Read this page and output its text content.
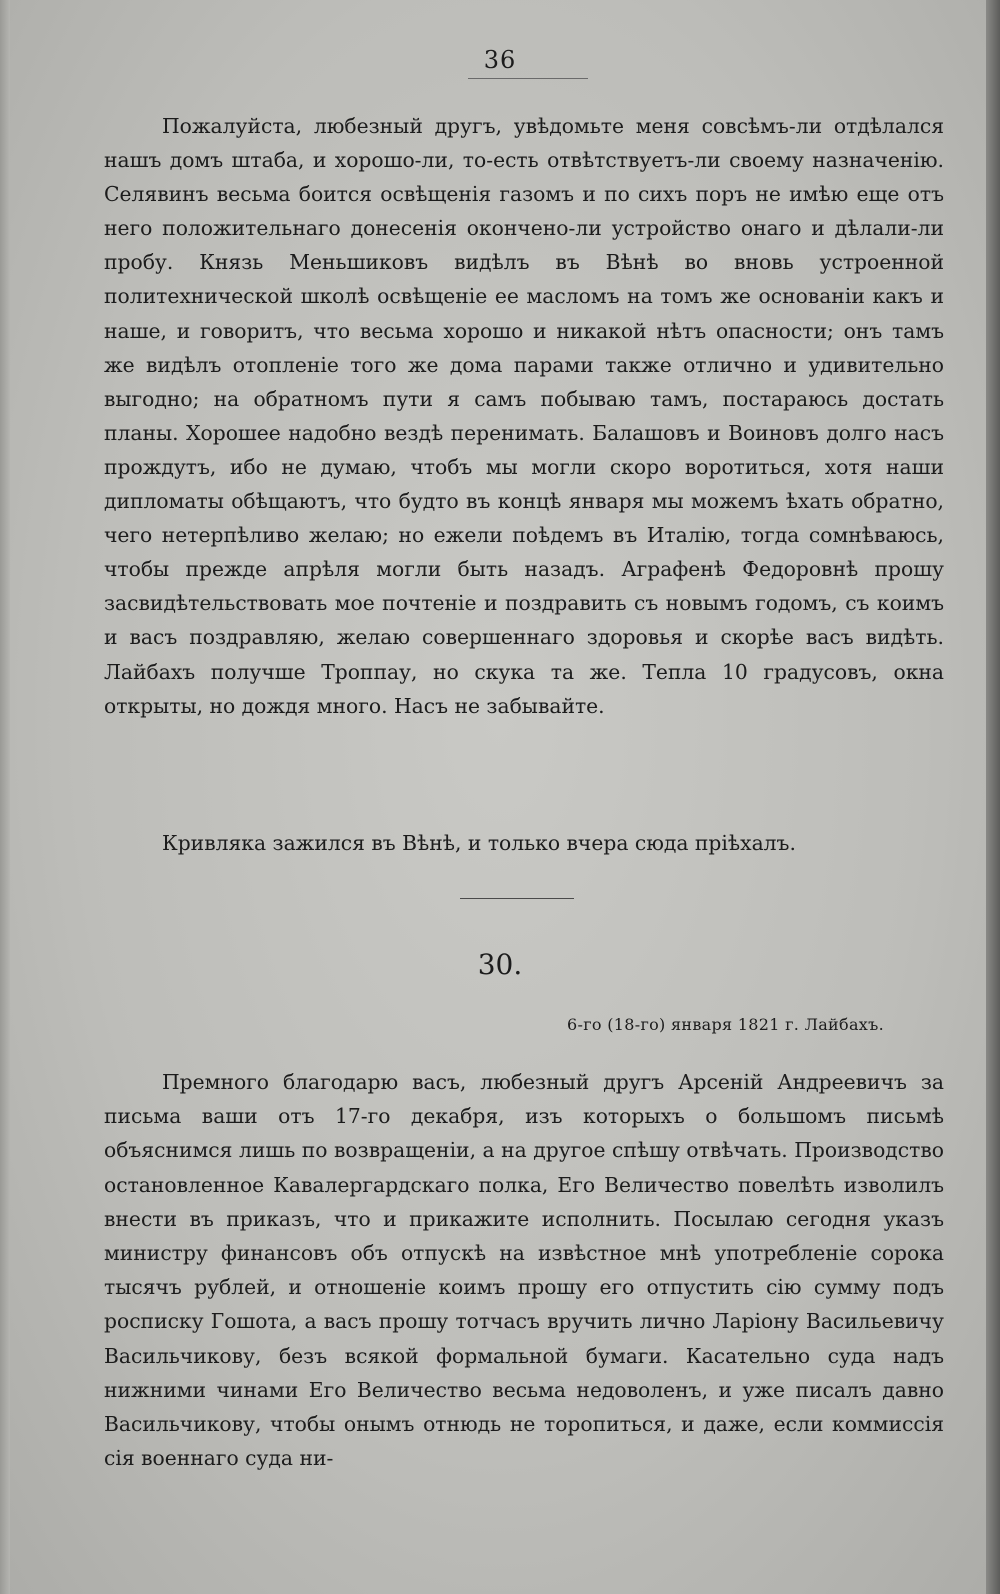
36

Пожалуйста, любезный другъ, увѣдомьте меня совсѣмъ-ли отдѣлался нашъ домъ штаба, и хорошо-ли, то-есть отвѣтствуетъ-ли своему назначенію. Селявинъ весьма боится освѣщенія газомъ и по сихъ поръ не имѣю еще отъ него положительнаго донесенія окончено-ли устройство онаго и дѣлали-ли пробу. Князь Меньшиковъ видѣлъ въ Вѣнѣ во вновь устроенной политехнической школѣ освѣщеніе ее масломъ на томъ же основаніи какъ и наше, и говоритъ, что весьма хорошо и никакой нѣтъ опасности; онъ тамъ же видѣлъ отопленіе того же дома парами также отлично и удивительно выгодно; на обратномъ пути я самъ побываю тамъ, постараюсь достать планы. Хорошее надобно вездѣ перенимать. Балашовъ и Воиновъ долго насъ прождутъ, ибо не думаю, чтобъ мы могли скоро воротиться, хотя наши дипломаты обѣщаютъ, что будто въ концѣ января мы можемъ ѣхать обратно, чего нетерпѣливо желаю; но ежели поѣдемъ въ Италію, тогда сомнѣваюсь, чтобы прежде апрѣля могли быть назадъ. Аграфенѣ Федоровнѣ прошу засвидѣтельствовать мое почтеніе и поздравить съ новымъ годомъ, съ коимъ и васъ поздравляю, желаю совершеннаго здоровья и скорѣе васъ видѣть. Лайбахъ получше Троппау, но скука та же. Тепла 10 градусовъ, окна открыты, но дождя много. Насъ не забывайте.

Кривляка зажился въ Вѣнѣ, и только вчера сюда пріѣхалъ.

30.
6-го (18-го) января 1821 г. Лайбахъ.

Премного благодарю васъ, любезный другъ Арсеній Андреевичъ за письма ваши отъ 17-го декабря, изъ которыхъ о большомъ письмѣ объяснимся лишь по возвращеніи, а на другое спѣшу отвѣчать. Произвoдство остановленное Кавалергардскаго полка, Его Величество повелѣть изволилъ внести въ приказъ, что и прикажите исполнить. Посылаю сегодня указъ министру финансовъ объ отпускѣ на извѣстное мнѣ употребленіе сорока тысячъ рублей, и отношеніе коимъ прошу его отпустить сію сумму подъ росписку Гошота, а васъ прошу тотчасъ вручить лично Ларіону Васильевичу Васильчикову, безъ всякой формальной бумаги. Касательно суда надъ нижними чинами Его Величество весьма недоволенъ, и уже писалъ давно Васильчикову, чтобы онымъ отнюдь не торопиться, и даже, если коммиссія сія военнаго суда ни-
